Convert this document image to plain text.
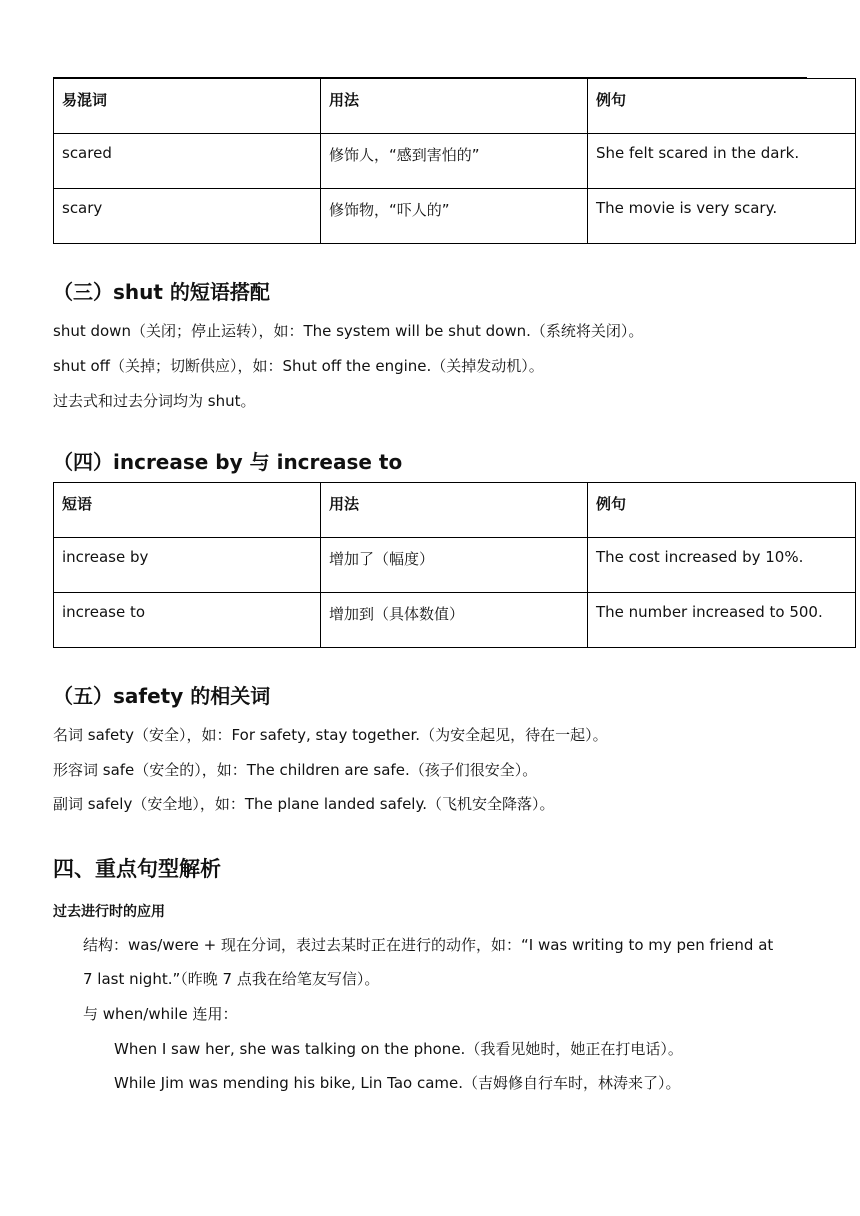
易混词	用法	例句
scared	修饰人，“感到害怕的”	She felt scared in the dark.
scary	修饰物，“吓人的”	The movie is very scary.
（三）shut 的短语搭配

shut down（关闭；停止运转），如：The system will be shut down.（系统将关闭）。

shut off（关掉；切断供应），如：Shut off the engine.（关掉发动机）。

过去式和过去分词均为 shut。

（四）increase by 与 increase to
短语	用法	例句
increase by	增加了（幅度）	The cost increased by 10%.
increase to	增加到（具体数值）	The number increased to 500.
（五）safety 的相关词

名词 safety（安全），如：For safety, stay together.（为安全起见，待在一起）。

形容词 safe（安全的），如：The children are safe.（孩子们很安全）。

副词 safely（安全地），如：The plane landed safely.（飞机安全降落）。

四、重点句型解析
过去进行时的应用

结构：was/were + 现在分词，表过去某时正在进行的动作，如：“I was writing to my pen friend at

7 last night.”（昨晚 7 点我在给笔友写信）。

与 when/while 连用：

When I saw her, she was talking on the phone.（我看见她时，她正在打电话）。

While Jim was mending his bike, Lin Tao came.（吉姆修自行车时，林涛来了）。
